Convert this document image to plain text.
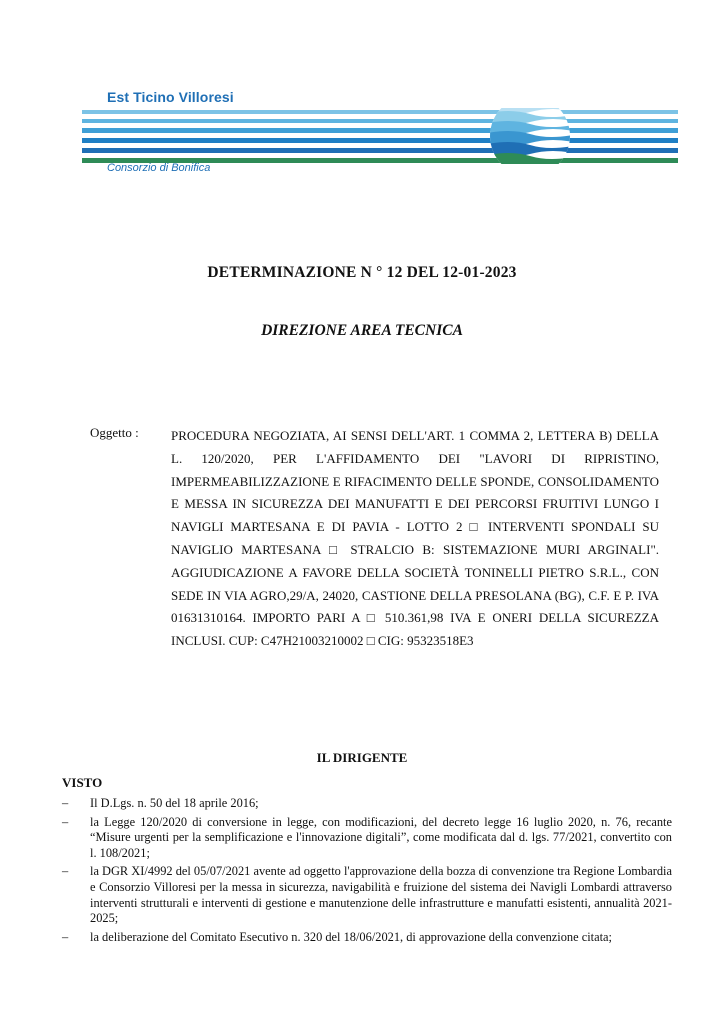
Est Ticino Villoresi
Consorzio di Bonifica
DETERMINAZIONE N ° 12 DEL 12-01-2023
DIREZIONE AREA TECNICA
Oggetto : PROCEDURA NEGOZIATA, AI SENSI DELL'ART. 1 COMMA 2, LETTERA B) DELLA L. 120/2020, PER L'AFFIDAMENTO DEI "LAVORI DI RIPRISTINO, IMPERMEABILIZZAZIONE E RIFACIMENTO DELLE SPONDE, CONSOLIDAMENTO E MESSA IN SICUREZZA DEI MANUFATTI E DEI PERCORSI FRUITIVI LUNGO I NAVIGLI MARTESANA E DI PAVIA - LOTTO 2 □ INTERVENTI SPONDALI SU NAVIGLIO MARTESANA □ STRALCIO B: SISTEMAZIONE MURI ARGINALI". AGGIUDICAZIONE A FAVORE DELLA SOCIETÀ TONINELLI PIETRO S.R.L., CON SEDE IN VIA AGRO,29/A, 24020, CASTIONE DELLA PRESOLANA (BG), C.F. E P. IVA 01631310164. IMPORTO PARI A □ 510.361,98 IVA E ONERI DELLA SICUREZZA INCLUSI. CUP: C47H21003210002 □ CIG: 95323518E3
IL DIRIGENTE
VISTO
– Il D.Lgs. n. 50 del 18 aprile 2016;
– la Legge 120/2020 di conversione in legge, con modificazioni, del decreto legge 16 luglio 2020, n. 76, recante “Misure urgenti per la semplificazione e l'innovazione digitali”, come modificata dal d. lgs. 77/2021, convertito con l. 108/2021;
– la DGR XI/4992 del 05/07/2021 avente ad oggetto l'approvazione della bozza di convenzione tra Regione Lombardia e Consorzio Villoresi per la messa in sicurezza, navigabilità e fruizione del sistema dei Navigli Lombardi attraverso interventi strutturali e interventi di gestione e manutenzione delle infrastrutture e manufatti esistenti, annualità 2021-2025;
– la deliberazione del Comitato Esecutivo n. 320 del 18/06/2021, di approvazione della convenzione citata;
